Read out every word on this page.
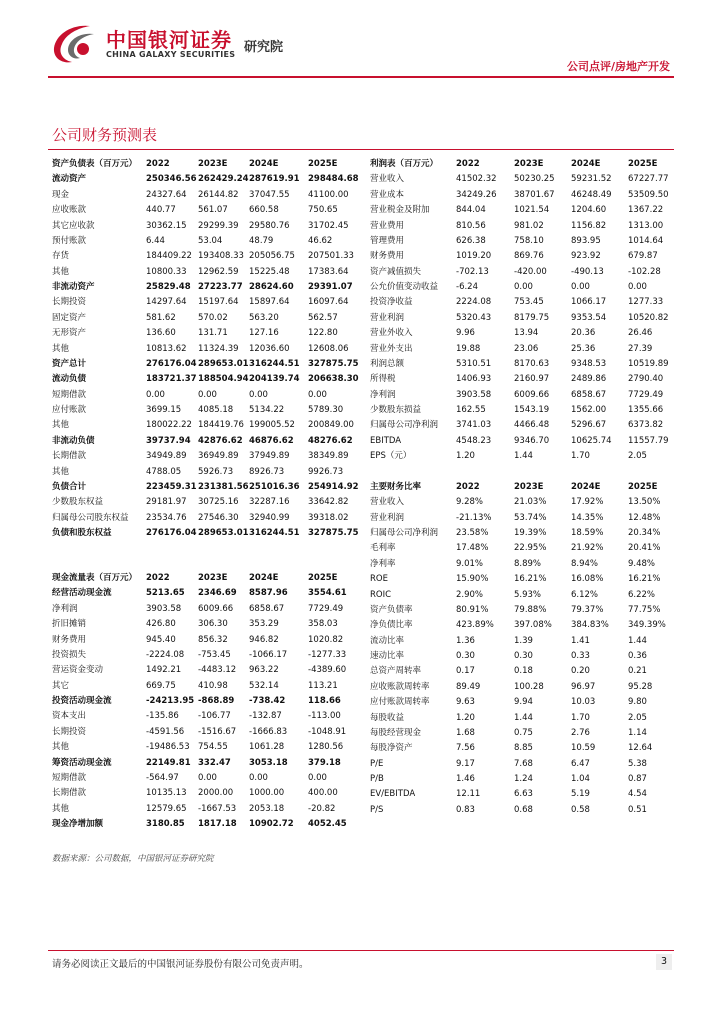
中国银河证券
CHINA GALAXY SECURITIES 研究院
公司点评/房地产开发
公司财务预测表
资产负债表（百万元） 2022	2023E	2024E	2025E
流动资产	250346.56 262429.24 287619.91 298484.68
现金	24327.64 26144.82 37047.55 41100.00
应收账款	440.77	561.07	660.58	750.65
其它应收款	30362.15 29299.39 29580.76 31702.45
预付账款	6.44	53.04	48.79	46.62
存货	184409.22 193408.33 205056.75 207501.33
其他	10800.33 12962.59 15225.48 17383.64
非流动资产	25829.48 27223.77 28624.60 29391.07
长期投资	14297.64 15197.64 15897.64 16097.64
固定资产	581.62	570.02	563.20	562.57
无形资产	136.60	131.71	127.16	122.80
其他	10813.62 11324.39 12036.60 12608.06
资产总计	276176.04 289653.01 316244.51 327875.75
流动负债	183721.37 188504.94 204139.74 206638.30
短期借款	0.00	0.00	0.00	0.00
应付账款	3699.15 4085.18 5134.22	5789.30
其他	180022.22 184419.76 199005.52 200849.00
非流动负债	39737.94 42876.62 46876.62 48276.62
长期借款	34949.89 36949.89 37949.89 38349.89
其他	4788.05 5926.73 8926.73	9926.73
负债合计	223459.31 231381.56 251016.36 254914.92
少数股东权益	29181.97 30725.16 32287.16 33642.82
归属母公司股东权益 23534.76 27546.30 32940.99 39318.02
负债和股东权益	276176.04 289653.01 316244.51 327875.75
利润表（百万元） 2022	2023E	2024E	2025E
营业收入	41502.32 50230.25 59231.52 67227.77
营业成本	34249.26 38701.67 46248.49 53509.50
营业税金及附加	844.04	1021.54	1204.60	1367.22
营业费用	810.56	981.02	1156.82	1313.00
管理费用	626.38	758.10	893.95	1014.64
财务费用	1019.20	869.76	923.92	679.87
资产减值损失	-702.13	-420.00	-490.13	-102.28
公允价值变动收益 -6.24	0.00	0.00	0.00
投资净收益	2224.08	753.45	1066.17	1277.33
营业利润	5320.43	8179.75	9353.54	10520.82
营业外收入	9.96	13.94	20.36	26.46
营业外支出	19.88	23.06	25.36	27.39
利润总额	5310.51	8170.63	9348.53	10519.89
所得税	1406.93	2160.97	2489.86	2790.40
净利润	3903.58	6009.66	6858.67	7729.49
少数股东损益	162.55	1543.19	1562.00	1355.66
归属母公司净利润 3741.03	4466.48	5296.67	6373.82
EBITDA	4548.23	9346.70	10625.74 11557.79
EPS（元）	1.20	1.44	1.70	2.05
主要财务比率	2022	2023E	2024E	2025E
营业收入	9.28%	21.03%	17.92%	13.50%
营业利润	-21.13%	53.74%	14.35%	12.48%
归属母公司净利润 23.58%	19.39%	18.59%	20.34%
毛利率	17.48%	22.95%	21.92%	20.41%
净利率	9.01%	8.89%	8.94%	9.48%
ROE	15.90%	16.21%	16.08%	16.21%
ROIC	2.90%	5.93%	6.12%	6.22%
资产负债率	80.91%	79.88%	79.37%	77.75%
净负债比率	423.89% 397.08% 384.83% 349.39%
流动比率	1.36	1.39	1.41	1.44
速动比率	0.30	0.30	0.33	0.36
总资产周转率	0.17	0.18	0.20	0.21
应收账款周转率	89.49	100.28	96.97	95.28
应付账款周转率	9.63	9.94	10.03	9.80
每股收益	1.20	1.44	1.70	2.05
每股经营现金	1.68	0.75	2.76	1.14
每股净资产	7.56	8.85	10.59	12.64
P/E	9.17	7.68	6.47	5.38
P/B	1.46	1.24	1.04	0.87
EV/EBITDA	12.11	6.63	5.19	4.54
P/S	0.83	0.68	0.58	0.51
现金流量表（百万元） 2022	2023E	2024E	2025E
经营活动现金流	5213.65 2346.69 8587.96 3554.61
净利润	3903.58 6009.66 6858.67	7729.49
折旧摊销	426.80	306.30	353.29	358.03
财务费用	945.40	856.32	946.82	1020.82
投资损失	-2224.08 -753.45 -1066.17 -1277.33
营运资金变动	1492.21 -4483.12 963.22	-4389.60
其它	669.75	410.98	532.14	113.21
投资活动现金流	-24213.95 -868.89 -738.42	118.66
资本支出	-135.86 -106.77 -132.87	-113.00
长期投资	-4591.56 -1516.67 -1666.83 -1048.91
其他	-19486.53 754.55	1061.28	1280.56
筹资活动现金流	22149.81 332.47 3053.18 379.18
短期借款	-564.97 0.00	0.00	0.00
长期借款	10135.13 2000.00 1000.00	400.00
其他	12579.65 -1667.53 2053.18	-20.82
现金净增加额	3180.85 1817.18 10902.72 4052.45
数据来源：公司数据，中国银河证券研究院
请务必阅读正文最后的中国银河证券股份有限公司免责声明。	3
